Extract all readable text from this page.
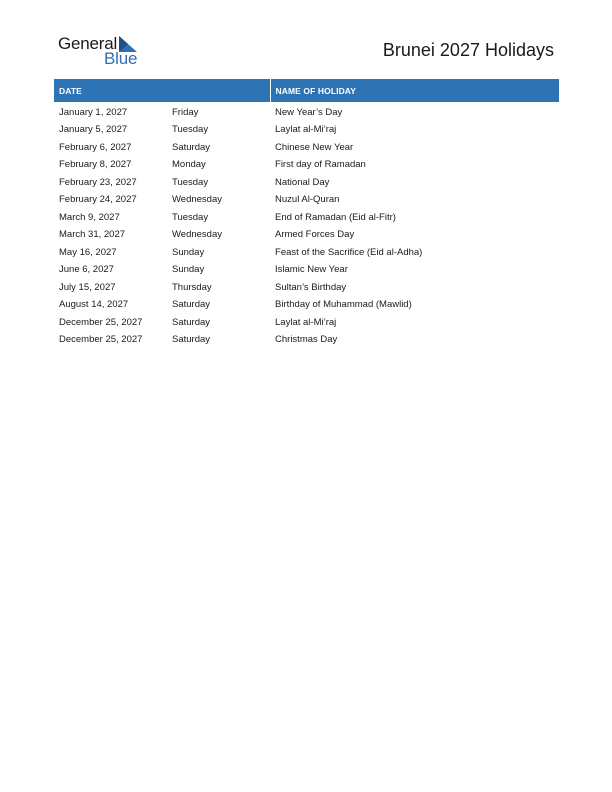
General
Blue	Brunei 2027 Holidays
DATE		NAME OF HOLIDAY
January 1, 2027	Friday	New Year’s Day
January 5, 2027	Tuesday	Laylat al-Mi’raj
February 6, 2027	Saturday	Chinese New Year
February 8, 2027	Monday	First day of Ramadan
February 23, 2027	Tuesday	National Day
February 24, 2027	Wednesday	Nuzul Al-Quran
March 9, 2027	Tuesday	End of Ramadan (Eid al-Fitr)
March 31, 2027	Wednesday	Armed Forces Day
May 16, 2027	Sunday	Feast of the Sacrifice (Eid al-Adha)
June 6, 2027	Sunday	Islamic New Year
July 15, 2027	Thursday	Sultan’s Birthday
August 14, 2027	Saturday	Birthday of Muhammad (Mawlid)
December 25, 2027	Saturday	Laylat al-Mi’raj
December 25, 2027	Saturday	Christmas Day
